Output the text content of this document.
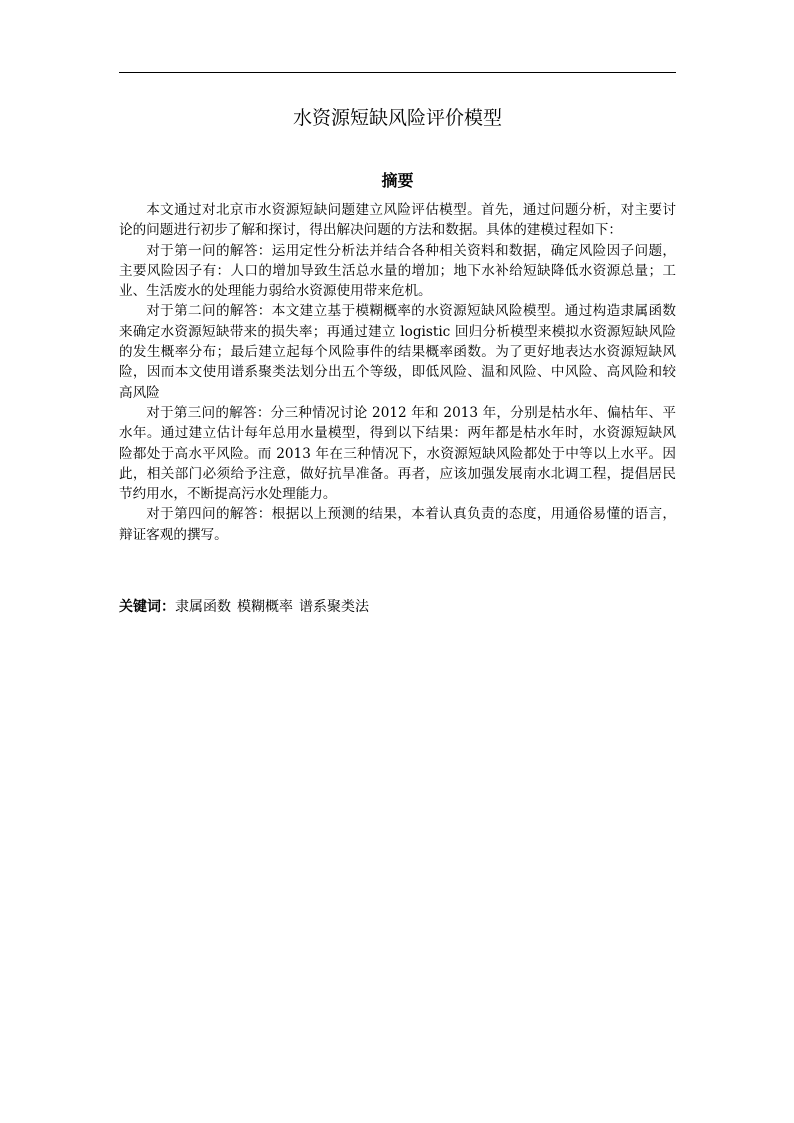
水资源短缺风险评价模型
摘要

本文通过对北京市水资源短缺问题建立风险评估模型。首先，通过问题分析，对主要讨论的问题进行初步了解和探讨，得出解决问题的方法和数据。具体的建模过程如下：

对于第一问的解答：运用定性分析法并结合各种相关资料和数据，确定风险因子问题，主要风险因子有：人口的增加导致生活总水量的增加；地下水补给短缺降低水资源总量；工业、生活废水的处理能力弱给水资源使用带来危机。

对于第二问的解答：本文建立基于模糊概率的水资源短缺风险模型。通过构造隶属函数来确定水资源短缺带来的损失率；再通过建立 logistic 回归分析模型来模拟水资源短缺风险的发生概率分布；最后建立起每个风险事件的结果概率函数。为了更好地表达水资源短缺风险，因而本文使用谱系聚类法划分出五个等级，即低风险、温和风险、中风险、高风险和较高风险

对于第三问的解答：分三种情况讨论 2012 年和 2013 年，分别是枯水年、偏枯年、平水年。通过建立估计每年总用水量模型，得到以下结果：两年都是枯水年时，水资源短缺风险都处于高水平风险。而 2013 年在三种情况下，水资源短缺风险都处于中等以上水平。因此，相关部门必须给予注意，做好抗旱准备。再者，应该加强发展南水北调工程，提倡居民节约用水，不断提高污水处理能力。

对于第四问的解答：根据以上预测的结果，本着认真负责的态度，用通俗易懂的语言，辩证客观的撰写。

关键词：隶属函数 模糊概率 谱系聚类法
